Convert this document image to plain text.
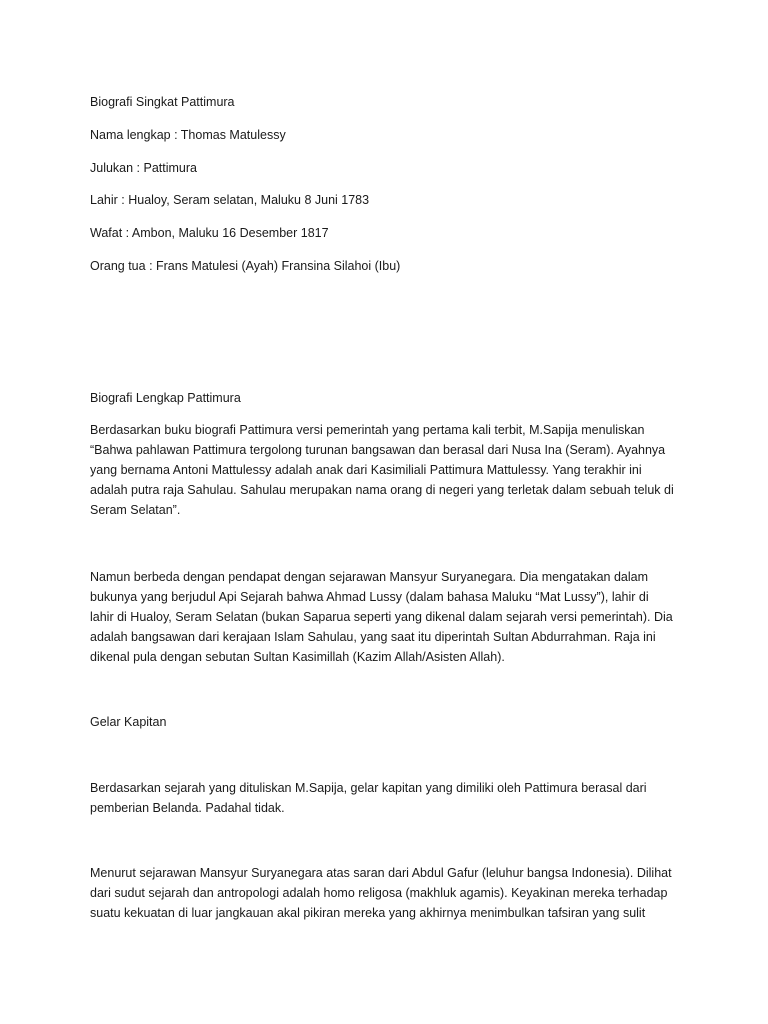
Biografi Singkat Pattimura

Nama lengkap : Thomas Matulessy

Julukan : Pattimura

Lahir : Hualoy, Seram selatan, Maluku 8 Juni 1783

Wafat : Ambon, Maluku 16 Desember 1817

Orang tua : Frans Matulesi (Ayah) Fransina Silahoi (Ibu)

Biografi Lengkap Pattimura

Berdasarkan buku biografi Pattimura versi pemerintah yang pertama kali terbit, M.Sapija menuliskan
“Bahwa pahlawan Pattimura tergolong turunan bangsawan dan berasal dari Nusa Ina (Seram). Ayahnya
yang bernama Antoni Mattulessy adalah anak dari Kasimiliali Pattimura Mattulessy. Yang terakhir ini
adalah putra raja Sahulau. Sahulau merupakan nama orang di negeri yang terletak dalam sebuah teluk di
Seram Selatan”.
Namun berbeda dengan pendapat dengan sejarawan Mansyur Suryanegara. Dia mengatakan dalam
bukunya yang berjudul Api Sejarah bahwa Ahmad Lussy (dalam bahasa Maluku “Mat Lussy”), lahir di
lahir di Hualoy, Seram Selatan (bukan Saparua seperti yang dikenal dalam sejarah versi pemerintah). Dia
adalah bangsawan dari kerajaan Islam Sahulau, yang saat itu diperintah Sultan Abdurrahman. Raja ini
dikenal pula dengan sebutan Sultan Kasimillah (Kazim Allah/Asisten Allah).

Gelar Kapitan

Berdasarkan sejarah yang dituliskan M.Sapija, gelar kapitan yang dimiliki oleh Pattimura berasal dari
pemberian Belanda. Padahal tidak.
Menurut sejarawan Mansyur Suryanegara atas saran dari Abdul Gafur (leluhur bangsa Indonesia). Dilihat
dari sudut sejarah dan antropologi adalah homo religosa (makhluk agamis). Keyakinan mereka terhadap
suatu kekuatan di luar jangkauan akal pikiran mereka yang akhirnya menimbulkan tafsiran yang sulit
